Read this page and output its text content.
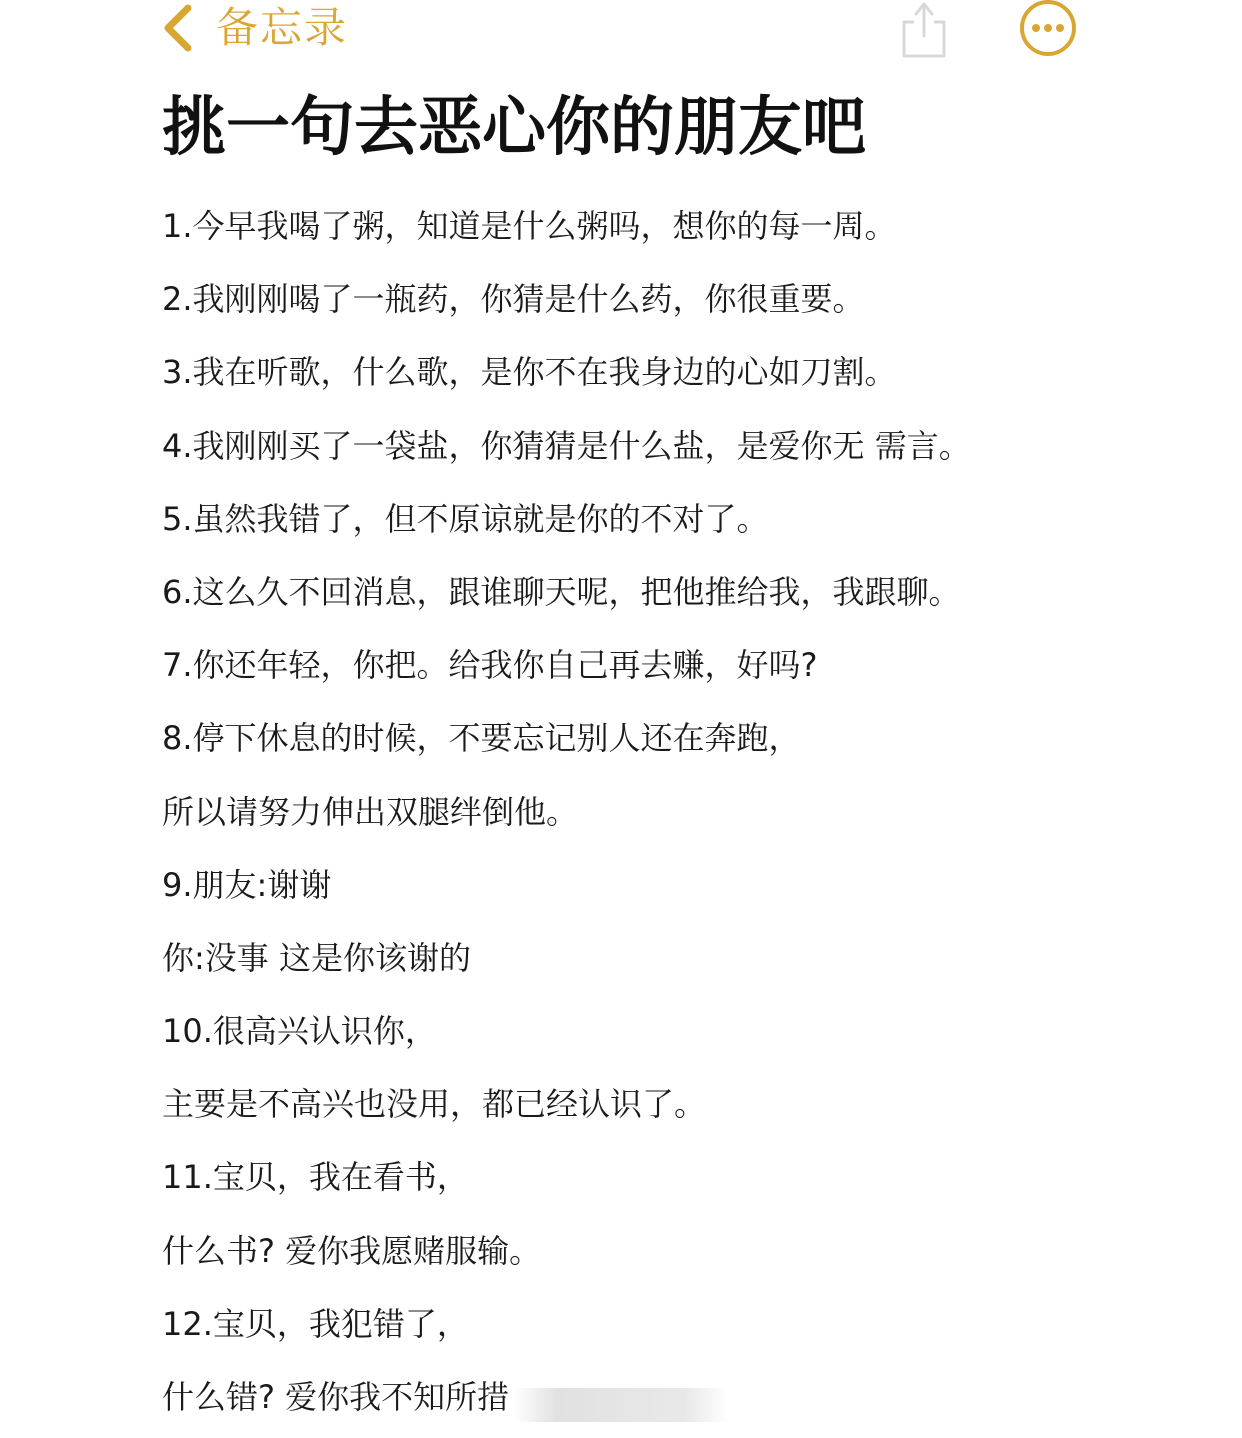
备忘录
挑一句去恶心你的朋友吧
1.今早我喝了粥，知道是什么粥吗，想你的每一周。
2.我刚刚喝了一瓶药，你猜是什么药，你很重要。
3.我在听歌，什么歌，是你不在我身边的心如刀割。
4.我刚刚买了一袋盐，你猜猜是什么盐，是爱你无 需言。
5.虽然我错了，但不原谅就是你的不对了。
6.这么久不回消息，跟谁聊天呢，把他推给我，我跟聊。
7.你还年轻，你把。给我你自己再去赚，好吗?
8.停下休息的时候，不要忘记别人还在奔跑，
所以请努力伸出双腿绊倒他。
9.朋友:谢谢
你:没事 这是你该谢的
10.很高兴认识你，
主要是不高兴也没用，都已经认识了。
11.宝贝，我在看书，
什么书? 爱你我愿赌服输。
12.宝贝，我犯错了，
什么错? 爱你我不知所措
